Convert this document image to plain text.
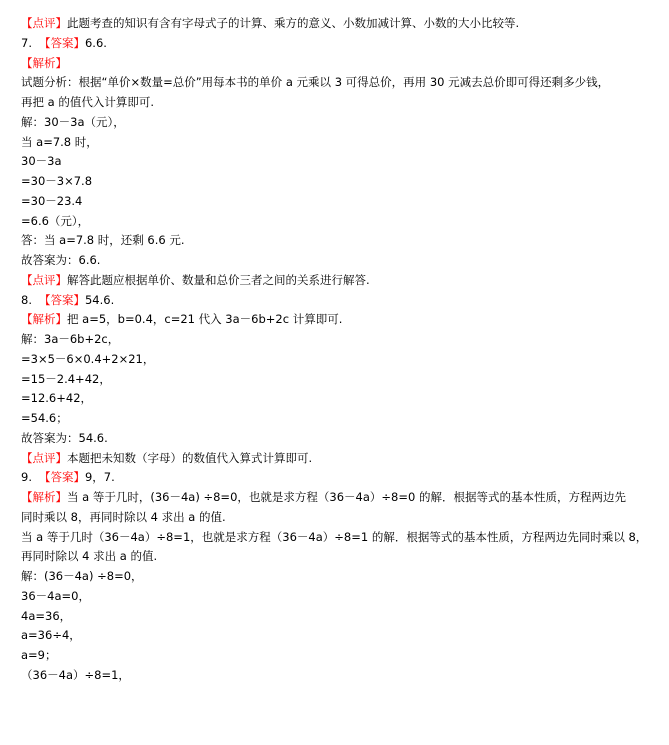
【点评】此题考查的知识有含有字母式子的计算、乘方的意义、小数加减计算、小数的大小比较等.
7. 【答案】6.6.
【解析】
试题分析：根据“单价×数量=总价”用每本书的单价 a 元乘以 3 可得总价，再用 30 元减去总价即可得还剩多少钱，
再把 a 的值代入计算即可.
解：30－3a（元），
当 a=7.8 时，
30－3a
=30－3×7.8
=30－23.4
=6.6（元），
答：当 a=7.8 时，还剩 6.6 元.
故答案为：6.6.
【点评】解答此题应根据单价、数量和总价三者之间的关系进行解答.
8. 【答案】54.6.
【解析】把 a=5，b=0.4，c=21 代入 3a－6b+2c 计算即可.
解：3a－6b+2c，
=3×5－6×0.4+2×21，
=15－2.4+42，
=12.6+42，
=54.6；
故答案为：54.6.
【点评】本题把未知数（字母）的数值代入算式计算即可.
9. 【答案】9，7.
【解析】当 a 等于几时，(36－4a) ÷8=0，也就是求方程（36－4a）÷8=0 的解．根据等式的基本性质，方程两边先
同时乘以 8，再同时除以 4 求出 a 的值.
当 a 等于几时（36－4a）÷8=1，也就是求方程（36－4a）÷8=1 的解．根据等式的基本性质，方程两边先同时乘以 8，
再同时除以 4 求出 a 的值.
解：(36－4a) ÷8=0，
36－4a=0，
4a=36，
a=36÷4，
a=9；
（36－4a）÷8=1，
